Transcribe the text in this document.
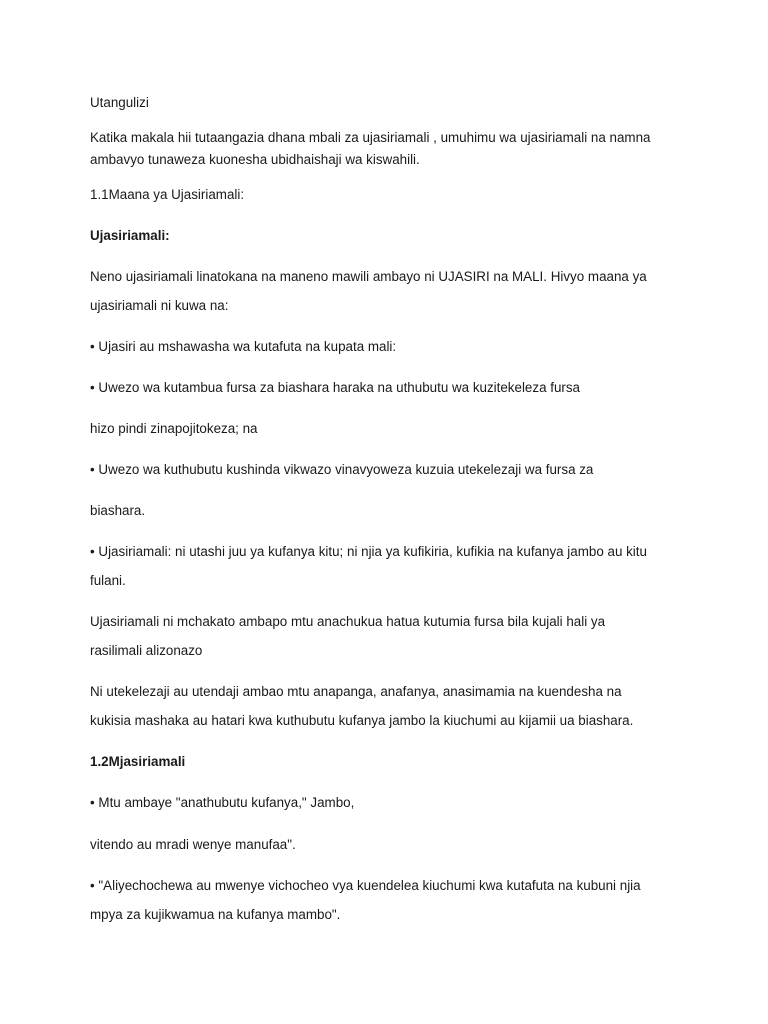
Utangulizi

Katika makala hii tutaangazia dhana mbali za ujasiriamali , umuhimu wa ujasiriamali na namna

ambavyo tunaweza kuonesha ubidhaishaji wa kiswahili.

1.1Maana ya Ujasiriamali:

Ujasiriamali:

Neno ujasiriamali linatokana na maneno mawili ambayo ni UJASIRI na MALI. Hivyo maana ya

ujasiriamali ni kuwa na:

• Ujasiri au mshawasha wa kutafuta na kupata mali:

• Uwezo wa kutambua fursa za biashara haraka na uthubutu wa kuzitekeleza fursa

hizo pindi zinapojitokeza; na

• Uwezo wa kuthubutu kushinda vikwazo vinavyoweza kuzuia utekelezaji wa fursa za

biashara.

• Ujasiriamali: ni utashi juu ya kufanya kitu; ni njia ya kufikiria, kufikia na kufanya jambo au kitu

fulani.

Ujasiriamali ni mchakato ambapo mtu anachukua hatua kutumia fursa bila kujali hali ya

rasilimali alizonazo

Ni utekelezaji au utendaji ambao mtu anapanga, anafanya, anasimamia na kuendesha na

kukisia mashaka au hatari kwa kuthubutu kufanya jambo la kiuchumi au kijamii ua biashara.

1.2Mjasiriamali

• Mtu ambaye "anathubutu kufanya," Jambo,

vitendo au mradi wenye manufaa".

• "Aliyechochewa au mwenye vichocheo vya kuendelea kiuchumi kwa kutafuta na kubuni njia

mpya za kujikwamua na kufanya mambo".
